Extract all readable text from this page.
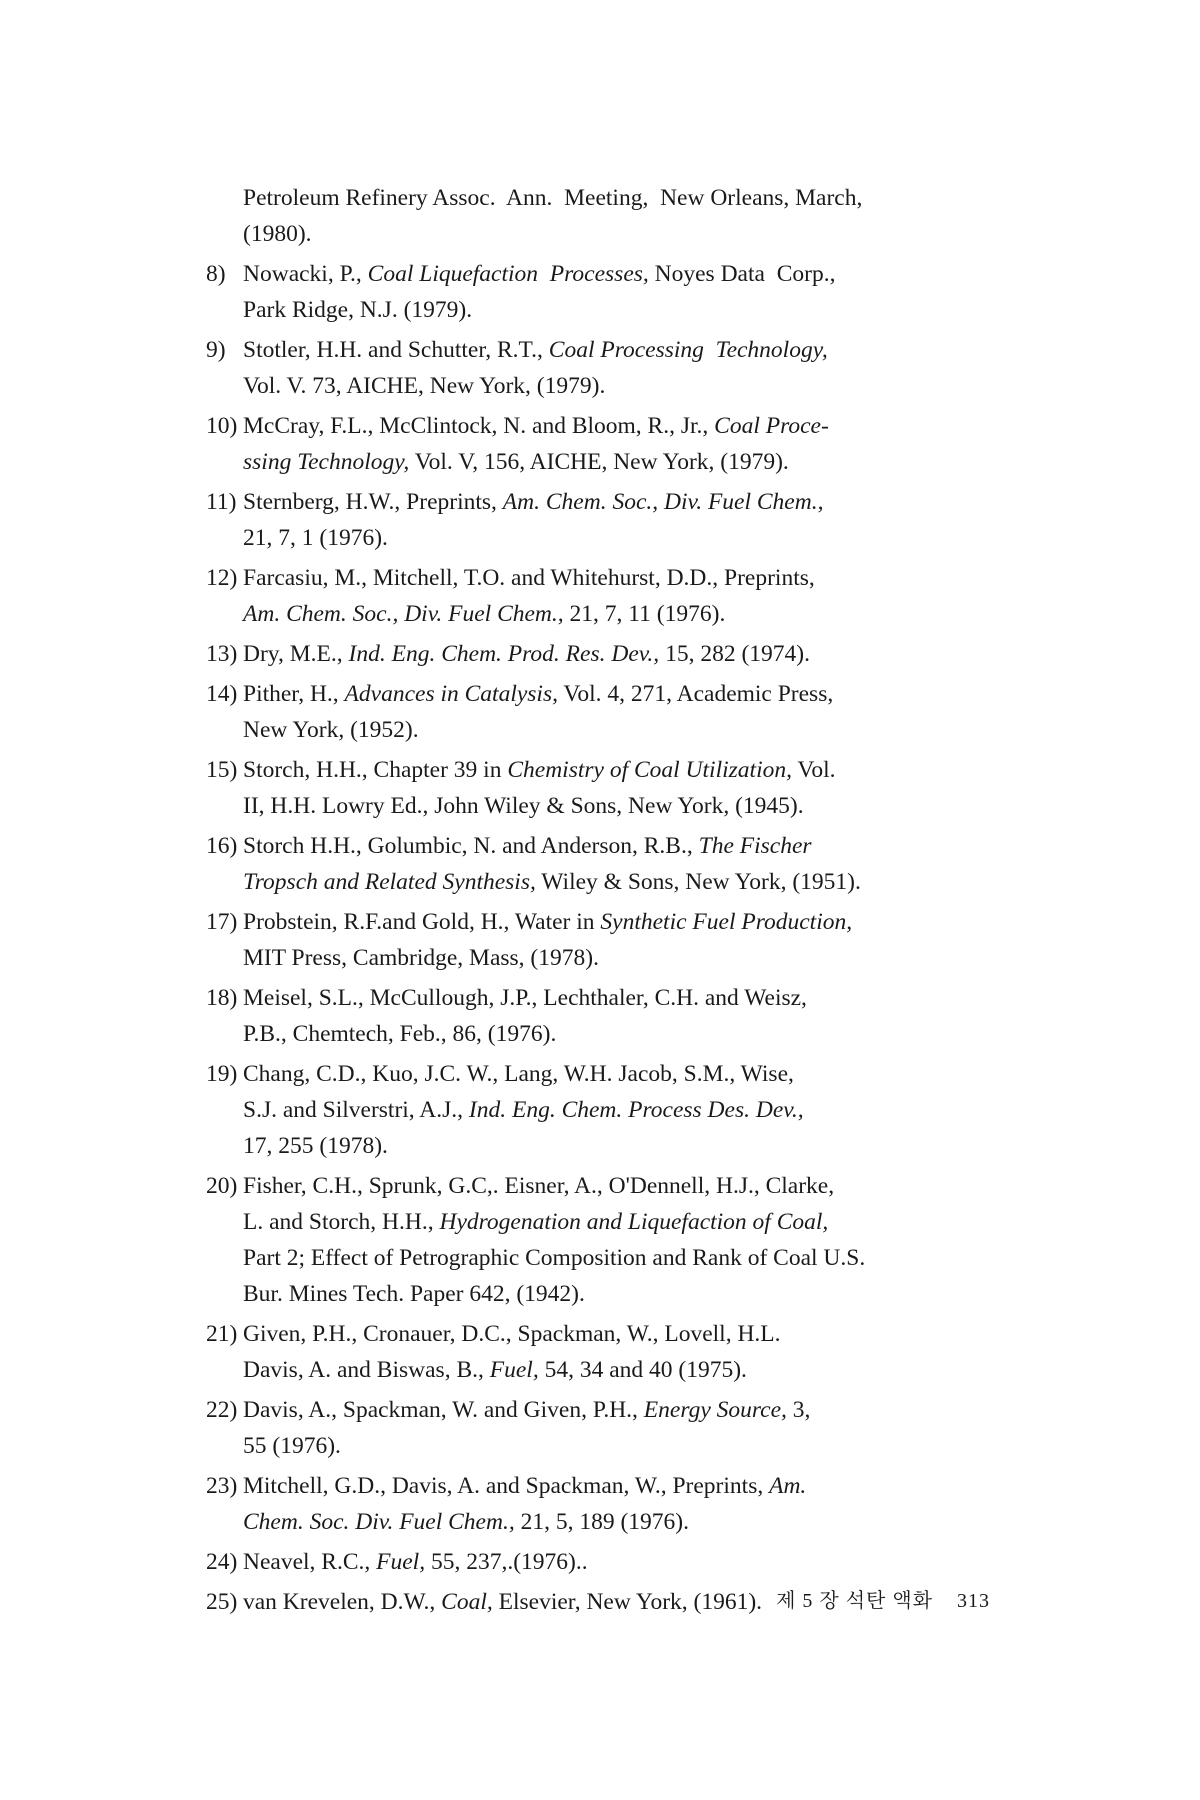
Petroleum Refinery Assoc.  Ann.  Meeting,  New Orleans, March,
(1980).
8) Nowacki, P., Coal Liquefaction  Processes, Noyes Data  Corp.,
Park Ridge, N.J. (1979).
9) Stotler, H.H. and Schutter, R.T., Coal Processing  Technology,
Vol. V. 73, AICHE, New York, (1979).
10) McCray, F.L., McClintock, N. and Bloom, R., Jr., Coal Proce-
ssing Technology, Vol. V, 156, AICHE, New York, (1979).
11) Sternberg, H.W., Preprints, Am. Chem. Soc., Div. Fuel Chem.,
21, 7, 1 (1976).
12) Farcasiu, M., Mitchell, T.O. and Whitehurst, D.D., Preprints,
Am. Chem. Soc., Div. Fuel Chem., 21, 7, 11 (1976).
13) Dry, M.E., Ind. Eng. Chem. Prod. Res. Dev., 15, 282 (1974).
14) Pither, H., Advances in Catalysis, Vol. 4, 271, Academic Press,
New York, (1952).
15) Storch, H.H., Chapter 39 in Chemistry of Coal Utilization, Vol.
II, H.H. Lowry Ed., John Wiley & Sons, New York, (1945).
16) Storch H.H., Golumbic, N. and Anderson, R.B., The Fischer
Tropsch and Related Synthesis, Wiley & Sons, New York, (1951).
17) Probstein, R.F.and Gold, H., Water in Synthetic Fuel Production,
MIT Press, Cambridge, Mass, (1978).
18) Meisel, S.L., McCullough, J.P., Lechthaler, C.H. and Weisz,
P.B., Chemtech, Feb., 86, (1976).
19) Chang, C.D., Kuo, J.C. W., Lang, W.H. Jacob, S.M., Wise,
S.J. and Silverstri, A.J., Ind. Eng. Chem. Process Des. Dev.,
17, 255 (1978).
20) Fisher, C.H., Sprunk, G.C,. Eisner, A., O'Dennell, H.J., Clarke,
L. and Storch, H.H., Hydrogenation and Liquefaction of Coal,
Part 2; Effect of Petrographic Composition and Rank of Coal U.S.
Bur. Mines Tech. Paper 642, (1942).
21) Given, P.H., Cronauer, D.C., Spackman, W., Lovell, H.L.
Davis, A. and Biswas, B., Fuel, 54, 34 and 40 (1975).
22) Davis, A., Spackman, W. and Given, P.H., Energy Source, 3,
55 (1976).
23) Mitchell, G.D., Davis, A. and Spackman, W., Preprints, Am.
Chem. Soc. Div. Fuel Chem., 21, 5, 189 (1976).
24) Neavel, R.C., Fuel, 55, 237,.(1976)..
25) van Krevelen, D.W., Coal, Elsevier, New York, (1961). 제 5 장 석탄 액화 313
